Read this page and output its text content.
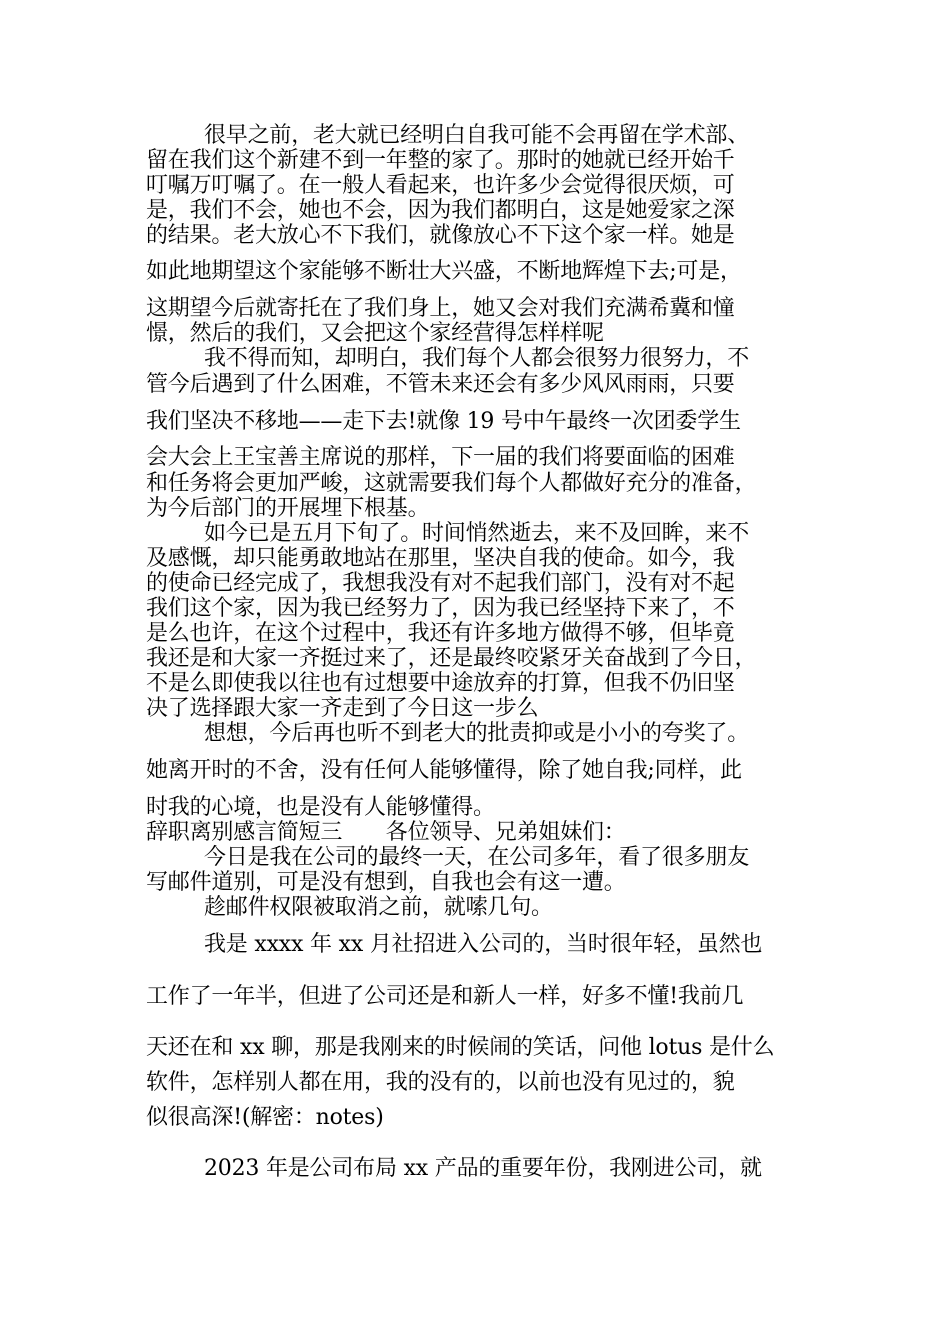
很早之前，老大就已经明白自我可能不会再留在学术部、
留在我们这个新建不到一年整的家了。那时的她就已经开始千
叮嘱万叮嘱了。在一般人看起来，也许多少会觉得很厌烦，可
是，我们不会，她也不会，因为我们都明白，这是她爱家之深
的结果。老大放心不下我们，就像放心不下这个家一样。她是
如此地期望这个家能够不断壮大兴盛，不断地辉煌下去;可是，
这期望今后就寄托在了我们身上，她又会对我们充满希冀和憧
憬，然后的我们，又会把这个家经营得怎样样呢
我不得而知，却明白，我们每个人都会很努力很努力，不
管今后遇到了什么困难，不管未来还会有多少风风雨雨，只要
我们坚决不移地——走下去!就像 19 号中午最终一次团委学生
会大会上王宝善主席说的那样，下一届的我们将要面临的困难
和任务将会更加严峻，这就需要我们每个人都做好充分的准备，
为今后部门的开展埋下根基。
如今已是五月下旬了。时间悄然逝去，来不及回眸，来不
及感慨，却只能勇敢地站在那里，坚决自我的使命。如今，我
的使命已经完成了，我想我没有对不起我们部门，没有对不起
我们这个家，因为我已经努力了，因为我已经坚持下来了，不
是么也许，在这个过程中，我还有许多地方做得不够，但毕竟
我还是和大家一齐挺过来了，还是最终咬紧牙关奋战到了今日，
不是么即使我以往也有过想要中途放弃的打算，但我不仍旧坚
决了选择跟大家一齐走到了今日这一步么
想想，今后再也听不到老大的批责抑或是小小的夸奖了。
她离开时的不舍，没有任何人能够懂得，除了她自我;同样，此
时我的心境，也是没有人能够懂得。
辞职离别感言简短三　　各位领导、兄弟姐妹们：
今日是我在公司的最终一天，在公司多年，看了很多朋友
写邮件道别，可是没有想到，自我也会有这一遭。
趁邮件权限被取消之前，就嗦几句。
我是 xxxx 年 xx 月社招进入公司的，当时很年轻，虽然也
工作了一年半，但进了公司还是和新人一样，好多不懂!我前几
天还在和 xx 聊，那是我刚来的时候闹的笑话，问他 lotus 是什么
软件，怎样别人都在用，我的没有的，以前也没有见过的，貌
似很高深!(解密：notes)
2023 年是公司布局 xx 产品的重要年份，我刚进公司，就
